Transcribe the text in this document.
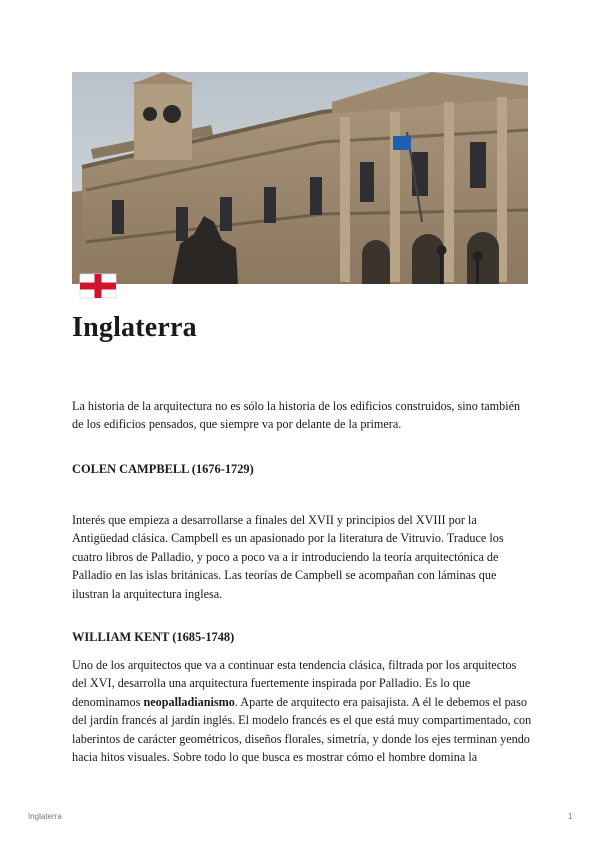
Inglaterra

La historia de la arquitectura no es sólo la historia de los edificios construidos, sino también de los edificios pensados, que siempre va por delante de la primera.

COLEN CAMPBELL (1676-1729)

Interés que empieza a desarrollarse a finales del XVII y principios del XVIII por la Antigüedad clásica. Campbell es un apasionado por la literatura de Vitruvio. Traduce los cuatro libros de Palladio, y poco a poco va a ir introduciendo la teoría arquitectónica de Palladio en las islas británicas. Las teorías de Campbell se acompañan con láminas que ilustran la arquitectura inglesa.

WILLIAM KENT (1685-1748)

Uno de los arquitectos que va a continuar esta tendencia clásica, filtrada por los arquitectos del XVI, desarrolla una arquitectura fuertemente inspirada por Palladio. Es lo que denominamos neopalladianismo. Aparte de arquitecto era paisajista. A él le debemos el paso del jardín francés al jardín inglés. El modelo francés es el que está muy compartimentado, con laberintos de carácter geométricos, diseños florales, simetría, y donde los ejes terminan yendo hacia hitos visuales. Sobre todo lo que busca es mostrar cómo el hombre domina la

Inglaterra	1
